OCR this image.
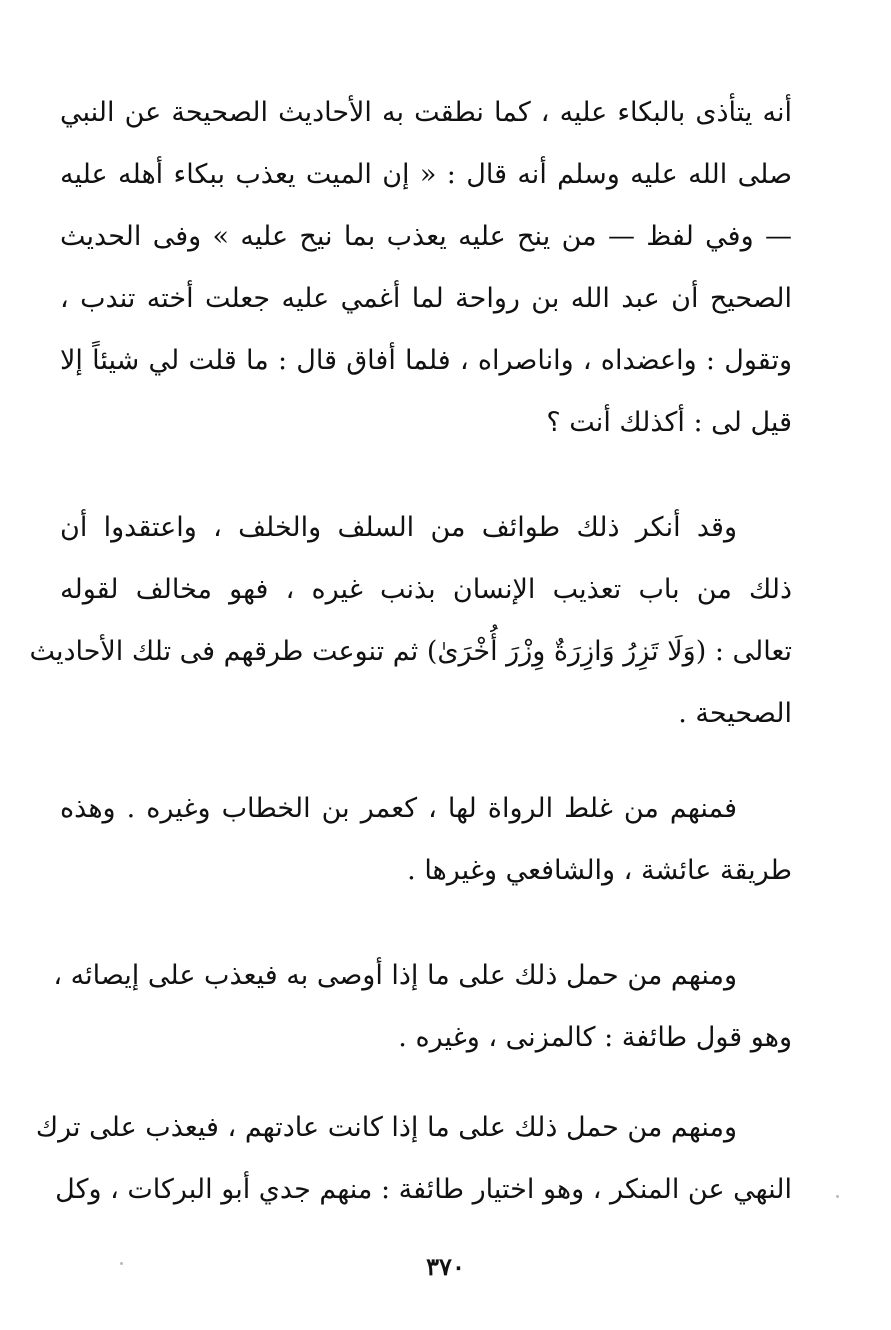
أنه يتأذى بالبكاء عليه ، كما نطقت به الأحاديث الصحيحة عن النبي
صلى الله عليه وسلم أنه قال : « إن الميت يعذب ببكاء أهله عليه
— وفي لفظ — من ينح عليه يعذب بما نيح عليه » وفى الحديث
الصحيح أن عبد الله بن رواحة لما أغمي عليه جعلت أخته تندب ،
وتقول : واعضداه ، واناصراه ، فلما أفاق قال : ما قلت لي شيئاً إلا
قيل لى : أكذلك أنت ؟
وقد أنكر ذلك طوائف من السلف والخلف ، واعتقدوا أن
ذلك من باب تعذيب الإنسان بذنب غيره ، فهو مخالف لقوله
تعالى : (وَلَا تَزِرُ وَازِرَةٌ وِزْرَ أُخْرَىٰ) ثم تنوعت طرقهم فى تلك الأحاديث
الصحيحة .
فمنهم من غلط الرواة لها ، كعمر بن الخطاب وغيره . وهذه
طريقة عائشة ، والشافعي وغيرها .
ومنهم من حمل ذلك على ما إذا أوصى به فيعذب على إيصائه ،
وهو قول طائفة : كالمزنى ، وغيره .
ومنهم من حمل ذلك على ما إذا كانت عادتهم ، فيعذب على ترك
النهي عن المنكر ، وهو اختيار طائفة : منهم جدي أبو البركات ، وكل
٣٧٠
